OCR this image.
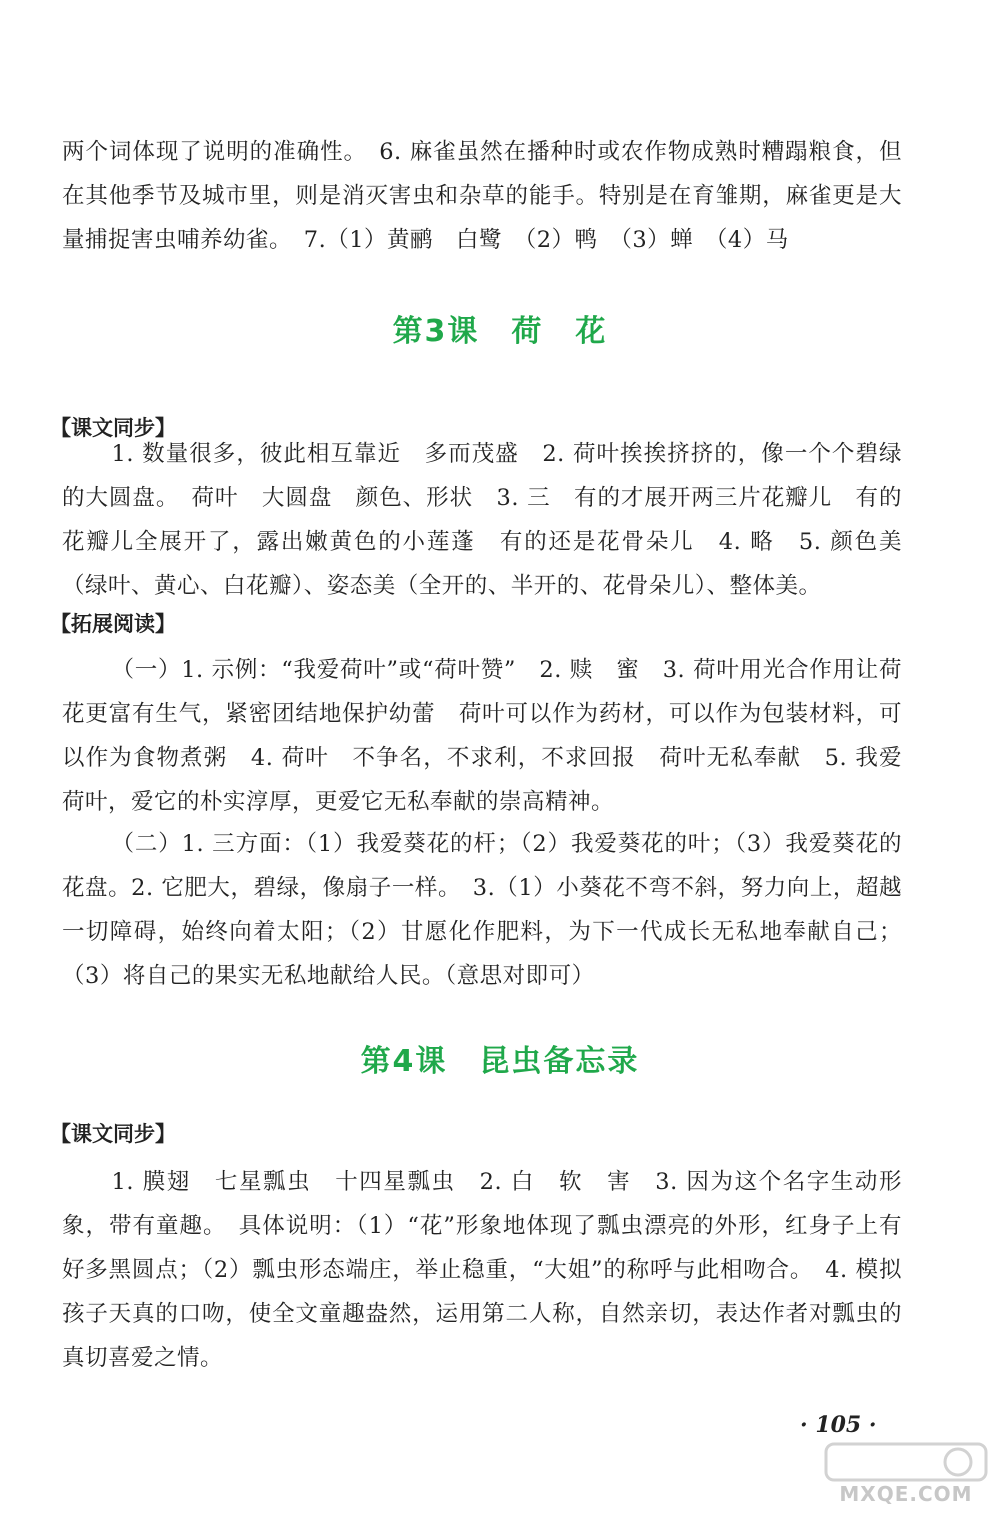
两个词体现了说明的准确性。　6. 麻雀虽然在播种时或农作物成熟时糟蹋粮食，但在其他季节及城市里，则是消灭害虫和杂草的能手。特别是在育雏期，麻雀更是大量捕捉害虫哺养幼雀。　7.（1）黄鹂　白鹭　（2）鸭　（3）蝉　（4）马

第3课　荷　花

【课文同步】

1. 数量很多，彼此相互靠近　多而茂盛　2. 荷叶挨挨挤挤的，像一个个碧绿的大圆盘。　荷叶　大圆盘　颜色、形状　3. 三　有的才展开两三片花瓣儿　有的花瓣儿全展开了，露出嫩黄色的小莲蓬　有的还是花骨朵儿　4. 略　5. 颜色美（绿叶、黄心、白花瓣）、姿态美（全开的、半开的、花骨朵儿）、整体美。

【拓展阅读】

（一）1. 示例：“我爱荷叶”或“荷叶赞”　2. 赎　蜜　3. 荷叶用光合作用让荷花更富有生气，紧密团结地保护幼蕾　荷叶可以作为药材，可以作为包装材料，可以作为食物煮粥　4. 荷叶　不争名，不求利，不求回报　荷叶无私奉献　5. 我爱荷叶，爱它的朴实淳厚，更爱它无私奉献的崇高精神。

（二）1. 三方面：（1）我爱葵花的杆；（2）我爱葵花的叶；（3）我爱葵花的花盘。2. 它肥大，碧绿，像扇子一样。　3.（1）小葵花不弯不斜，努力向上，超越一切障碍，始终向着太阳；（2）甘愿化作肥料，为下一代成长无私地奉献自己；（3）将自己的果实无私地献给人民。（意思对即可）

第4课　昆虫备忘录

【课文同步】

1. 膜翅　七星瓢虫　十四星瓢虫　2. 白　软　害　3. 因为这个名字生动形象，带有童趣。　具体说明：（1）“花”形象地体现了瓢虫漂亮的外形，红身子上有好多黑圆点；（2）瓢虫形态端庄，举止稳重，“大姐”的称呼与此相吻合。　4. 模拟孩子天真的口吻，使全文童趣盎然，运用第二人称，自然亲切，表达作者对瓢虫的真切喜爱之情。

· 105 ·

MXQE.COM
